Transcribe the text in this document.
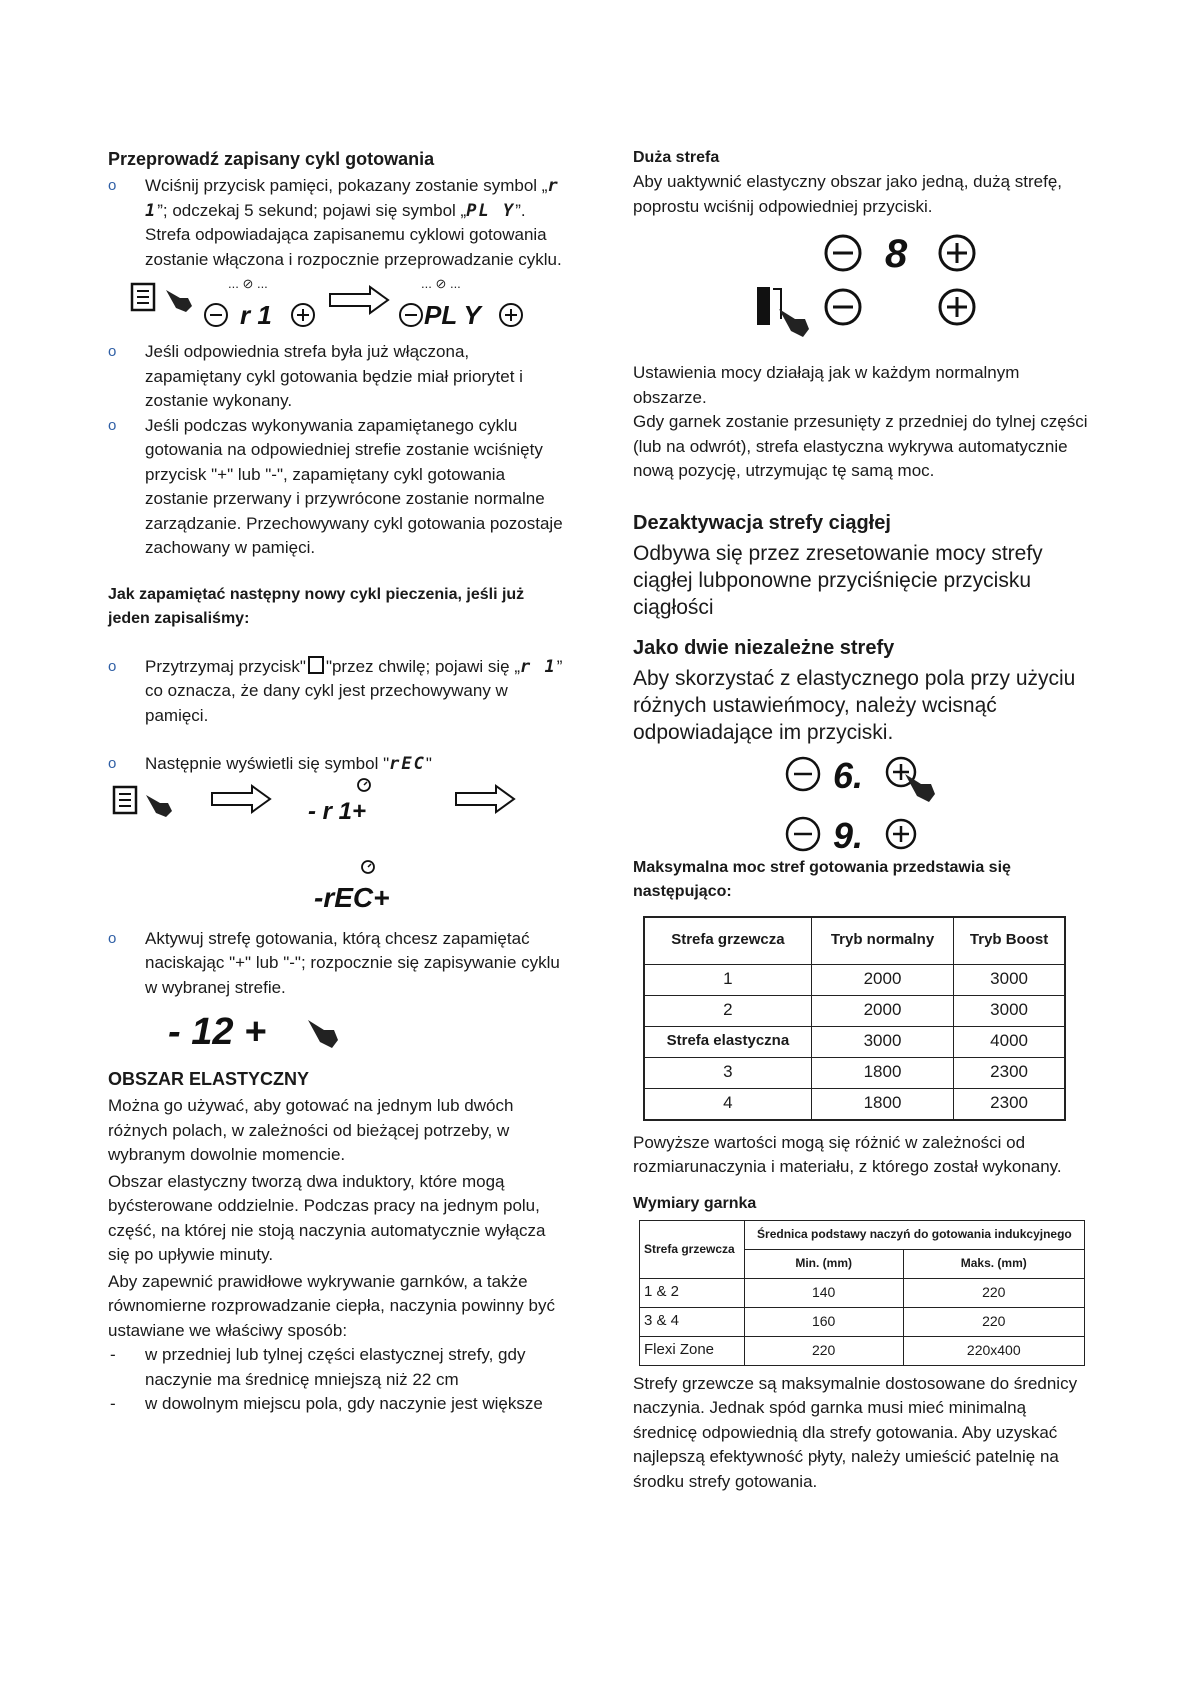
Przeprowadź zapisany cykl gotowania

o Wciśnij przycisk pamięci, pokazany zostanie symbol „r 1”; odczekaj 5 sekund; pojawi się symbol „PL Y”. Strefa odpowiadająca zapisanemu cyklowi gotowania zostanie włączona i rozpocznie przeprowadzanie cyklu.

... ⊘ ...
r 1
... ⊘ ...
PL Y

o Jeśli odpowiednia strefa była już włączona, zapamiętany cykl gotowania będzie miał priorytet i zostanie wykonany.

o Jeśli podczas wykonywania zapamiętanego cyklu gotowania na odpowiedniej strefie zostanie wciśnięty przycisk "+" lub "-", zapamiętany cykl gotowania zostanie przerwany i przywrócone zostanie normalne zarządzanie. Przechowywany cykl gotowania pozostaje zachowany w pamięci.

Jak zapamiętać następny nowy cykl pieczenia, jeśli już jeden zapisaliśmy:

o Przytrzymaj przycisk" "przez chwilę; pojawi się „r 1” co oznacza, że dany cykl jest przechowywany w pamięci.

o Następnie wyświetli się symbol "rEC"

- r 1+
-rEC+

o Aktywuj strefę gotowania, którą chcesz zapamiętać naciskając "+" lub "-"; rozpocznie się zapisywanie cyklu w wybranej strefie.

- 12 +
OBSZAR ELASTYCZNY

Można go używać, aby gotować na jednym lub dwóch różnych polach, w zależności od bieżącej potrzeby, w wybranym dowolnie momencie.

Obszar elastyczny tworzą dwa induktory, które mogą byćsterowane oddzielnie. Podczas pracy na jednym polu, część, na której nie stoją naczynia automatycznie wyłącza się po upływie minuty.

Aby zapewnić prawidłowe wykrywanie garnków, a także równomierne rozprowadzanie ciepła, naczynia powinny być ustawiane we właściwy sposób:

- w przedniej lub tylnej części elastycznej strefy, gdy naczynie ma średnicę mniejszą niż 22 cm

- w dowolnym miejscu pola, gdy naczynie jest większe

Duża strefa

Aby uaktywnić elastyczny obszar jako jedną, dużą strefę, poprostu wciśnij odpowiedniej przyciski.

8

Ustawienia mocy działają jak w każdym normalnym obszarze.

Gdy garnek zostanie przesunięty z przedniej do tylnej części (lub na odwrót), strefa elastyczna wykrywa automatycznie nową pozycję, utrzymując tę samą moc.

Dezaktywacja strefy ciągłej

Odbywa się przez zresetowanie mocy strefy ciągłej lubponowne przyciśnięcie przycisku ciągłości

Jako dwie niezależne strefy

Aby skorzystać z elastycznego pola przy użyciu różnych ustawieńmocy, należy wcisnąć odpowiadające im przyciski.

6.
9.
Maksymalna moc stref gotowania przedstawia się następująco:
Strefa grzewcza	Tryb normalny	Tryb Boost
1	2000	3000
2	2000	3000
Strefa elastyczna	3000	4000
3	1800	2300
4	1800	2300

Powyższe wartości mogą się różnić w zależności od rozmiarunaczynia i materiału, z którego został wykonany.

Wymiary garnka
Strefa grzewcza	Średnica podstawy naczyń do gotowania indukcyjnego	
	Min. (mm)	Maks. (mm)
1 & 2	140	220
3 & 4	160	220
Flexi Zone	220	220x400

Strefy grzewcze są maksymalnie dostosowane do średnicy naczynia. Jednak spód garnka musi mieć minimalną średnicę odpowiednią dla strefy gotowania. Aby uzyskać najlepszą efektywność płyty, należy umieścić patelnię na środku strefy gotowania.
